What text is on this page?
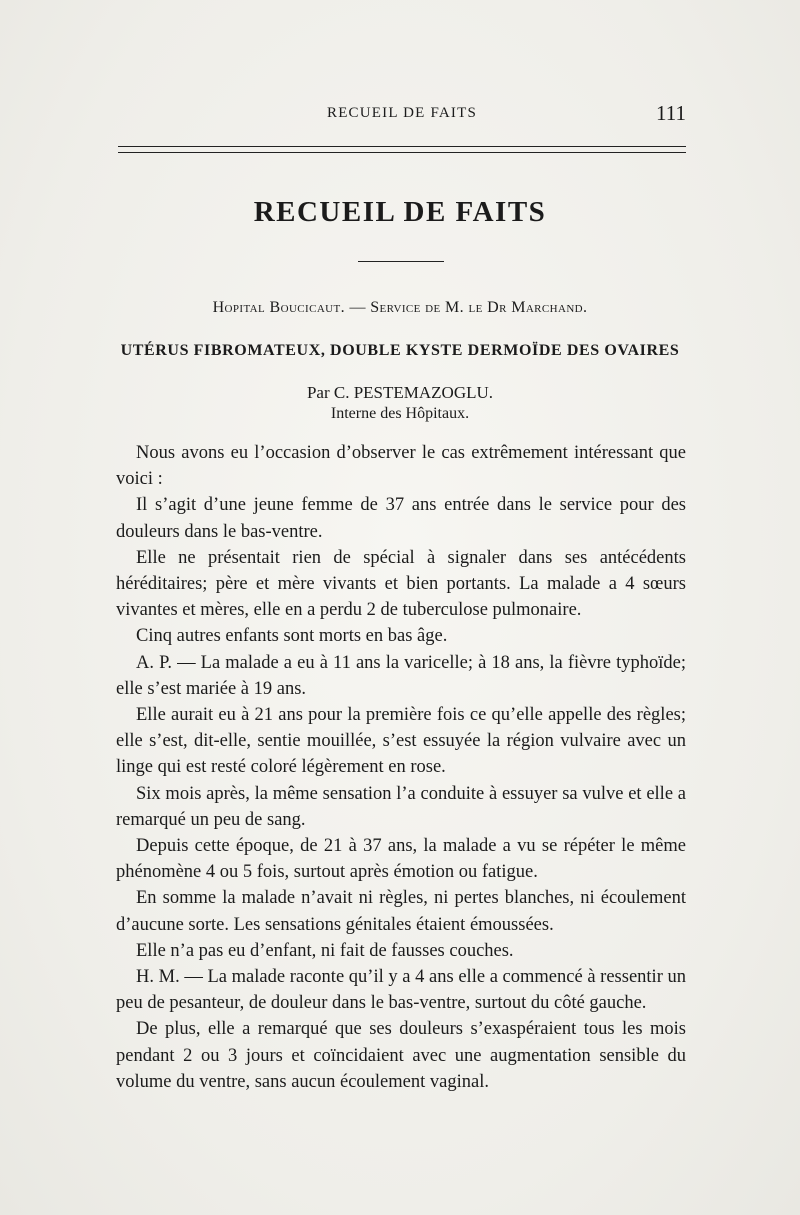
RECUEIL DE FAITS	111
RECUEIL DE FAITS
Hopital Boucicaut. — Service de M. le Dr Marchand.
UTÉRUS FIBROMATEUX, DOUBLE KYSTE DERMOÏDE DES OVAIRES
Par C. PESTEMAZOGLU.
Interne des Hôpitaux.

Nous avons eu l’occasion d’observer le cas extrêmement intéressant que voici :

Il s’agit d’une jeune femme de 37 ans entrée dans le service pour des douleurs dans le bas-ventre.

Elle ne présentait rien de spécial à signaler dans ses antécédents héréditaires; père et mère vivants et bien portants. La malade a 4 sœurs vivantes et mères, elle en a perdu 2 de tuberculose pulmonaire.

Cinq autres enfants sont morts en bas âge.

A. P. — La malade a eu à 11 ans la varicelle; à 18 ans, la fièvre typhoïde; elle s’est mariée à 19 ans.

Elle aurait eu à 21 ans pour la première fois ce qu’elle appelle des règles; elle s’est, dit-elle, sentie mouillée, s’est essuyée la région vulvaire avec un linge qui est resté coloré légèrement en rose.

Six mois après, la même sensation l’a conduite à essuyer sa vulve et elle a remarqué un peu de sang.

Depuis cette époque, de 21 à 37 ans, la malade a vu se répéter le même phénomène 4 ou 5 fois, surtout après émotion ou fatigue.

En somme la malade n’avait ni règles, ni pertes blanches, ni écoulement d’aucune sorte. Les sensations génitales étaient émoussées.

Elle n’a pas eu d’enfant, ni fait de fausses couches.

H. M. — La malade raconte qu’il y a 4 ans elle a commencé à ressentir un peu de pesanteur, de douleur dans le bas-ventre, surtout du côté gauche.

De plus, elle a remarqué que ses douleurs s’exaspéraient tous les mois pendant 2 ou 3 jours et coïncidaient avec une augmentation sensible du volume du ventre, sans aucun écoulement vaginal.
